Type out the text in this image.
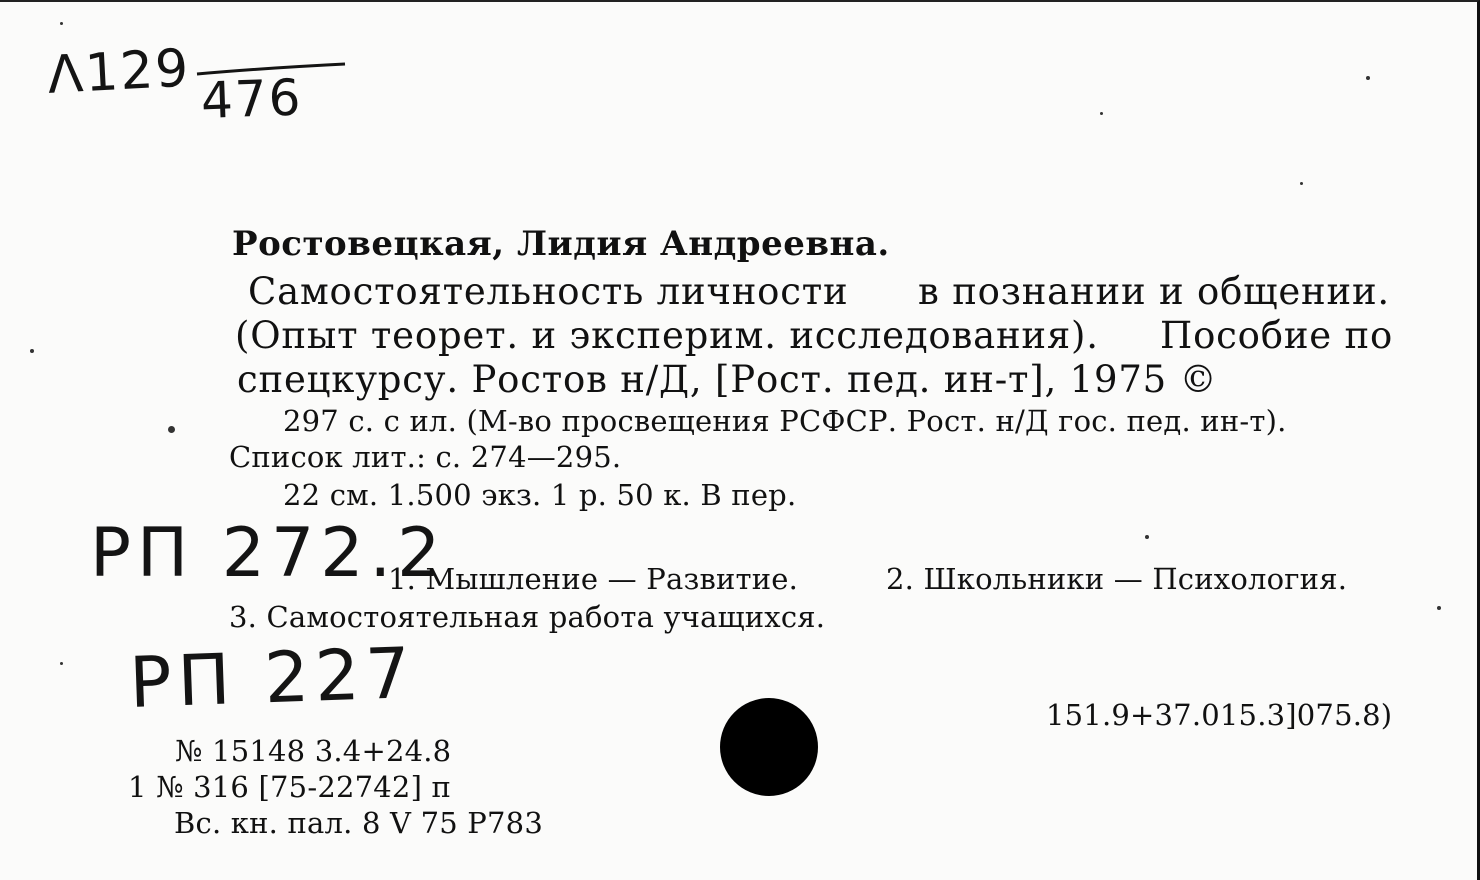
Λ129 476
Ростовецкая, Лидия Андреевна.
Самостоятельность личности в познании и общении.
(Опыт теорет. и эксперим. исследования). Пособие по
спецкурсу. Ростов н/Д, [Рост. пед. ин-т], 1975 ©
297 с. с ил. (М-во просвещения РСФСР. Рост. н/Д гос. пед. ин-т).
Список лит.: с. 274—295.
22 см. 1.500 экз. 1 р. 50 к. В пер.
РП 272.2
1. Мышление — Развитие.	2. Школьники — Психология.
3. Самостоятельная работа учащихся.
РП 227	151.9+37.015.3]075.8)
№ 15148 3.4+24.8
1 № 316 [75-22742] п
Вс. кн. пал. 8 V 75 Р783
